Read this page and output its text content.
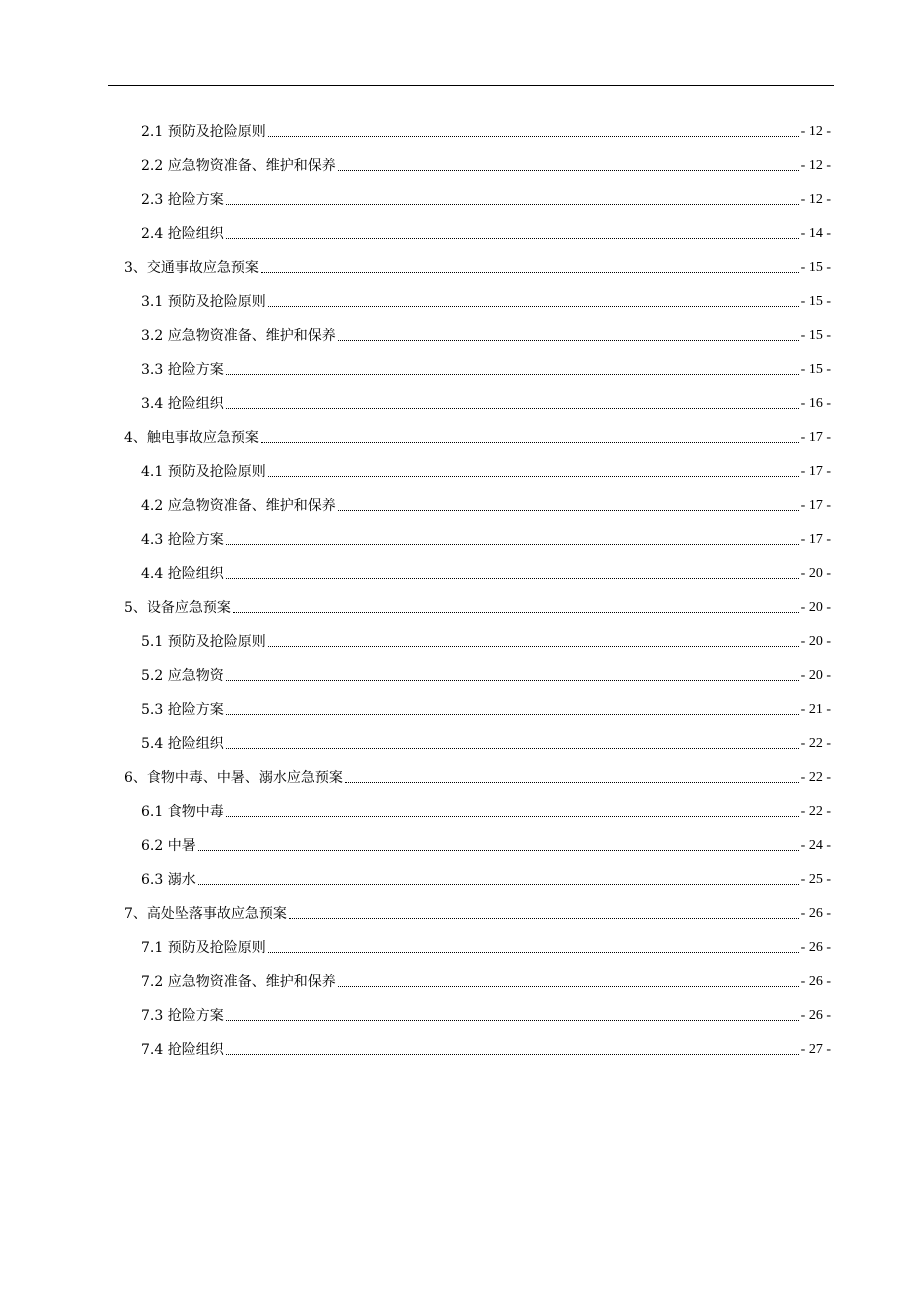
2.1 预防及抢险原则	- 12 -
2.2 应急物资准备、维护和保养	- 12 -
2.3 抢险方案	- 12 -
2.4 抢险组织	- 14 -
3、交通事故应急预案	- 15 -
3.1 预防及抢险原则	- 15 -
3.2 应急物资准备、维护和保养	- 15 -
3.3 抢险方案	- 15 -
3.4 抢险组织	- 16 -
4、触电事故应急预案	- 17 -
4.1 预防及抢险原则	- 17 -
4.2 应急物资准备、维护和保养	- 17 -
4.3 抢险方案	- 17 -
4.4 抢险组织	- 20 -
5、设备应急预案	- 20 -
5.1 预防及抢险原则	- 20 -
5.2 应急物资	- 20 -
5.3 抢险方案	- 21 -
5.4 抢险组织	- 22 -
6、食物中毒、中暑、溺水应急预案	- 22 -
6.1 食物中毒	- 22 -
6.2 中暑	- 24 -
6.3 溺水	- 25 -
7、高处坠落事故应急预案	- 26 -
7.1 预防及抢险原则	- 26 -
7.2 应急物资准备、维护和保养	- 26 -
7.3 抢险方案	- 26 -
7.4 抢险组织	- 27 -
